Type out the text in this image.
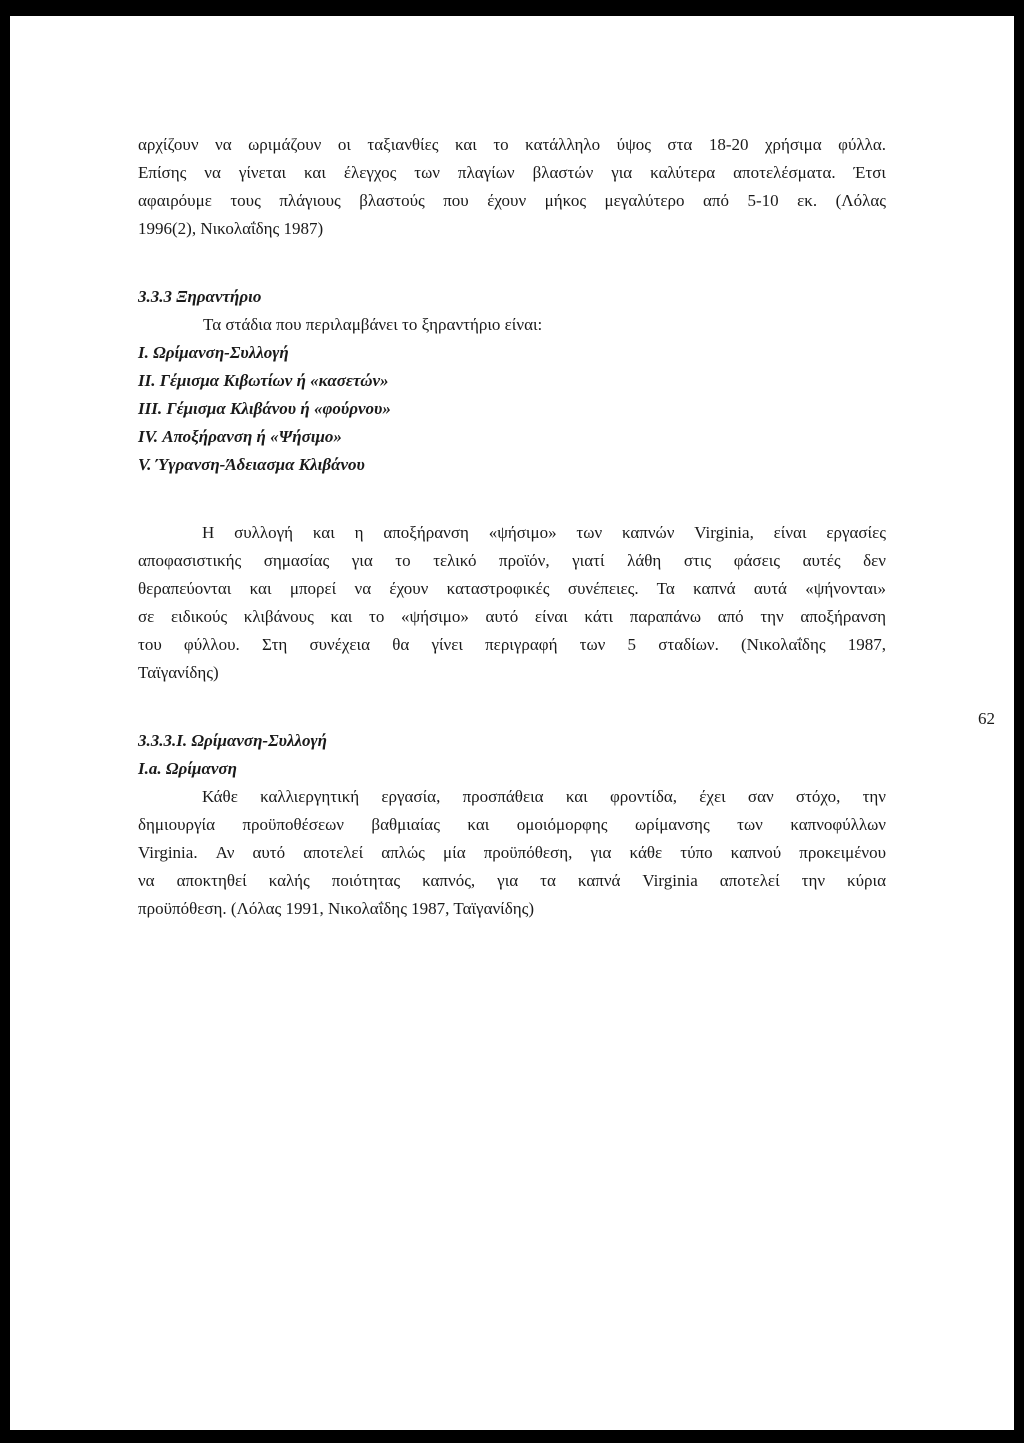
αρχίζουν να ωριμάζουν οι ταξιανθίες και το κατάλληλο ύψος στα 18-20 χρήσιμα φύλλα.
Επίσης να γίνεται και έλεγχος των πλαγίων βλαστών για καλύτερα αποτελέσματα. Έτσι
αφαιρόυμε τους πλάγιους βλαστούς που έχουν μήκος μεγαλύτερο από 5-10 εκ. (Λόλας
1996(2), Νικολαΐδης 1987)
3.3.3 Ξηραντήριο
Τα στάδια που περιλαμβάνει το ξηραντήριο είναι:
I. Ωρίμανση-Συλλογή
II. Γέμισμα Κιβωτίων ή «κασετών»
III. Γέμισμα Κλιβάνου ή «φούρνου»
IV. Αποξήρανση ή «Ψήσιμο»
V. Ύγρανση-Άδειασμα Κλιβάνου
Η συλλογή και η αποξήρανση «ψήσιμο» των καπνών Virginia, είναι εργασίες
αποφασιστικής σημασίας για το τελικό προϊόν, γιατί λάθη στις φάσεις αυτές δεν
θεραπεύονται και μπορεί να έχουν καταστροφικές συνέπειες. Τα καπνά αυτά «ψήνονται»
σε ειδικούς κλιβάνους και το «ψήσιμο» αυτό είναι κάτι παραπάνω από την αποξήρανση
του φύλλου. Στη συνέχεια θα γίνει περιγραφή των 5 σταδίων. (Νικολαΐδης 1987,
Ταϊγανίδης)
3.3.3.I. Ωρίμανση-Συλλογή
I.a. Ωρίμανση
Κάθε καλλιεργητική εργασία, προσπάθεια και φροντίδα, έχει σαν στόχο, την
δημιουργία προϋποθέσεων βαθμιαίας και ομοιόμορφης ωρίμανσης των καπνοφύλλων
Virginia. Αν αυτό αποτελεί απλώς μία προϋπόθεση, για κάθε τύπο καπνού προκειμένου
να αποκτηθεί καλής ποιότητας καπνός, για τα καπνά Virginia αποτελεί την κύρια
προϋπόθεση. (Λόλας 1991, Νικολαΐδης 1987, Ταϊγανίδης)
62
